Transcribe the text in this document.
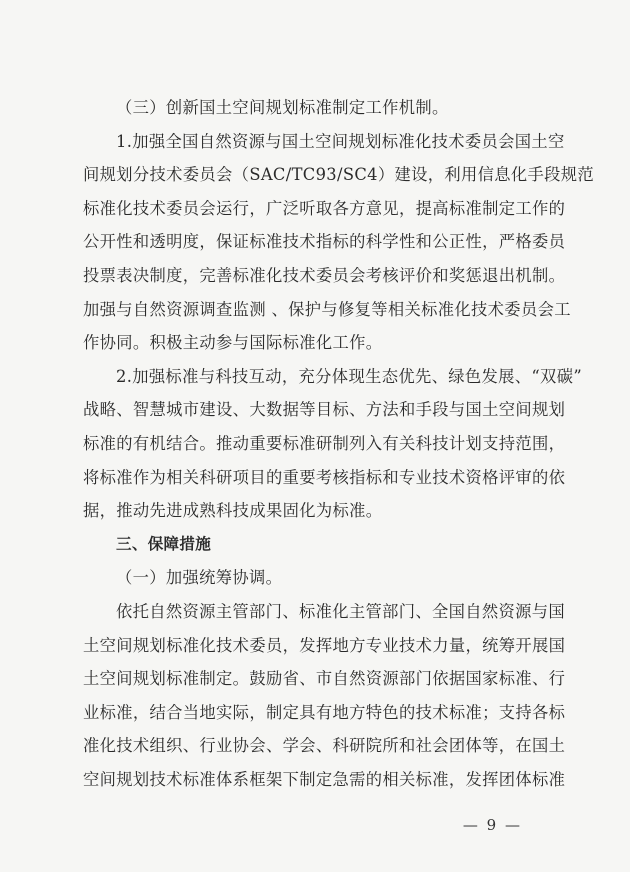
（三）创新国土空间规划标准制定工作机制。
1.加强全国自然资源与国土空间规划标准化技术委员会国土空
间规划分技术委员会（SAC/TC93/SC4）建设，利用信息化手段规范
标准化技术委员会运行，广泛听取各方意见，提高标准制定工作的
公开性和透明度，保证标准技术指标的科学性和公正性，严格委员
投票表决制度，完善标准化技术委员会考核评价和奖惩退出机制。
加强与自然资源调查监测 、保护与修复等相关标准化技术委员会工
作协同。积极主动参与国际标准化工作。
2.加强标准与科技互动，充分体现生态优先、绿色发展、“双碳”
战略、智慧城市建设、大数据等目标、方法和手段与国土空间规划
标准的有机结合。推动重要标准研制列入有关科技计划支持范围，
将标准作为相关科研项目的重要考核指标和专业技术资格评审的依
据，推动先进成熟科技成果固化为标准。
三、保障措施
（一）加强统筹协调。
依托自然资源主管部门、标准化主管部门、全国自然资源与国
土空间规划标准化技术委员，发挥地方专业技术力量，统筹开展国
土空间规划标准制定。鼓励省、市自然资源部门依据国家标准、行
业标准，结合当地实际，制定具有地方特色的技术标准；支持各标
准化技术组织、行业协会、学会、科研院所和社会团体等，在国土
空间规划技术标准体系框架下制定急需的相关标准，发挥团体标准
— 9 —
